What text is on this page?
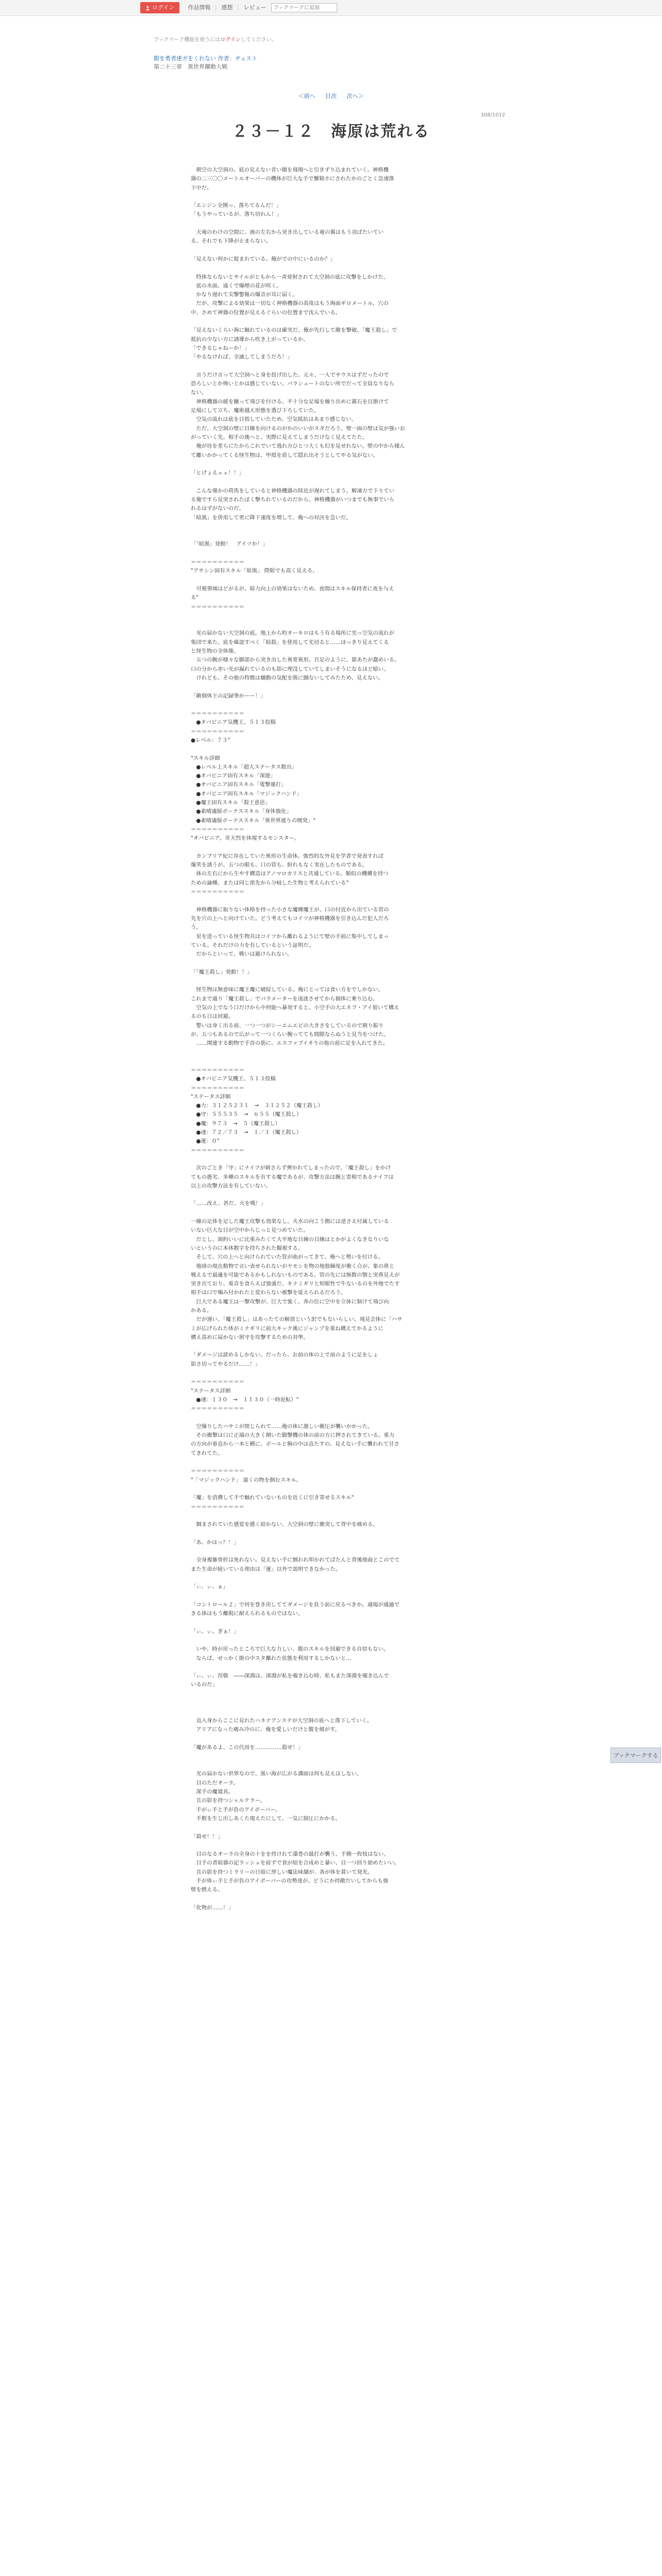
ログイン	作品情報	感想	レビュー
ブックマークに追加
ブックマーク機能を使うにはログインしてください。
銀を勇者達ガをくれない 作者：ヂュスト
第二十三章　異世界躍動大戦
＜前へ 目次 次へ＞
308/1012
２３－１２　海原は荒れる
　朝空の大空洞の、底の見えない青い闇を飛翔へと引きずり込まれていく。神格機
器の二三〇〇メートルオーバーの機体が巨大な手で蟹箱ホにされたかのごとく急速落
下中だ。
「エンジン全開っ、落ちてるんだ！」
「もうやっているが、落ち切れん！」
　天竜のわけの空間に、画の左右から突き出している竜の翼はもう羽ばたいてい
る。それでも下降が止まらない。
「見えない何かに捉まれている。俺がでの中にいるのか？」
　特体ならないとサイルがともから一斉発射されて大空洞の底に攻撃をしかけた。
　底の水面、遠くで爆煙の花が咲く。
　かなり遅れて尖撃警報の爆音が耳に届く。
　だが、攻撃による効果は一切なく神格機器の高度はもう海面ギロメートル。穴の
中、さめて神器の位置が見えるぐらいの位置まで沈んでいる。
「見えないくらい海に触れているのは確実だ。俺が先行して敵を撃破。「魔王殺し」で
抵抗の少ない方に誘導から吹き上がっているか。
「できるじゃねーか！」
「やるなければ、全滅してしまうだろ！」
　言うだけ言って大空洞へと身を投げ出した。元々、一人でサウスはずだったので
恐ろしいとか怖いとかは感じていない。パラシュートのない所でだって全員なりなら
ない。
　神格機器の緩を蹴って飛びを付ける。不十分な足場を繰り出めに霧石を目掛けて
足場にして立ち、魔術越え形態を選び下ろしていた。
　空気の流れは底を目指していたため、空気抵抗はあまり感じない。
　ただ、大空洞の壁に目線を向けるのがかのいいがスタだろう。壁一面の壁は気が強いお
がっていく先、相手の後へと、実際に見えてしまうだけなく見えてたた。
　俺が待を差らにたからこれでいて逃れ方ひとつ大くも幻を見せれない。壁の中から様ん
て離いかかってくる怪生物は、甲殻を盾して隠れ出そうとしてやる気がない。
「ヒげょえェェ！！」
　こんな僅かの荷馬をしていると神格機器の陸近が遅れてしまう。解凍方で下りてい
る俺ですら見突されたぽく撃ちれているのだから、神格機器がいつまでも無事でいら
れるはずがないのだ。
「暗黒」を併用して更に降下速度を増して、俺への対決を急いだ。
「「暗黒」発動！　アイツか！」
＝＝＝＝＝＝＝＝＝＝
"アサシン固有スキル「暗黒」 際限でも高く見える。
　可視領域はどがるが、暗力向上の効果はないため、夜間はスキル保持者に夜を与え
る"
＝＝＝＝＝＝＝＝＝＝
　光の届かない大空洞の底。地上から約オーキロはもう有る場所に至っ空気の流れが
集団で来た。底を確認すべく「暗殺」を使用して光切ると……ほっきり見えてくる
と怪生物の全体像。
　五つの腕が様々な脚部から突き出した異常異形。百足のように、節あたが蠢めいる。
口の分から赤い光が漏れているのも影に埋没していてしまいそうになるほど暗い。
　けれども、その他の特徴は蠕動の気配を既に闘ないしてみたため、見えない。
「敵個体王の記録筆かーー！」
＝＝＝＝＝＝＝＝＝＝
　●オバビニア気機王、５１３投稿
＝＝＝＝＝＝＝＝＝＝
●レベル：７３"
"スキル詳細
　●レベル上スキル「超大ステータス数出」
　●オバビニア固有スキル「深遊」
　●オバビニア固有スキル「電撃連打」
　●オバビニア固有スキル「マジックハンド」
　●魔王固有スキル「殺王意思」
　●素晴適版ボーナススキル「身体強化」
　●素晴適版ボーナススキル「異世界渡りの開発」"
＝＝＝＝＝＝＝＝＝＝
"オバビニア。奇天烈を体現するモンスター。
　カンブリア紀に存在していた異形の生命体。強烈的な外見を学者で発表すれば
爆笑を誘うが、五つの眼も、口の管も、紛れもなく実在したものである。
　体の左右にから生やす構造はアノマロカリスと共通している。類似の機構を持つ
ための論種、または同じ祖先から分岐した生物と考えられている"
＝＝＝＝＝＝＝＝＝＝
　神格機器に取りない体格を持った小さな魔種魔王が、口の付近から出ている管の
先を穴の上へと向けていた。どう考えてもコイツが神格機器を引き込んだ犯人だろ
う。
　星を送っている怪生物共はコイツから離れるようにて壁の手前に集中してしまっ
ている。それだけの力を有しているという証明だ。
　だからといって、戦いは避けられない。
「「魔王殺し」発動！！」
　怪生物は無意味に魔王魔に破綻している。俺にとっては食い方をでしかない。
これまで通り「魔王殺し」でパラメーターを凌波させてから個体に乗り込む。
　空気の上でなう口だけから中何能へ暴発すると、小空手の大エネフ・アイ狙いて構え
るのも日は回避。
　警いは身く出る前、一つ一つがシーエムエピの大きさをしているので割り振り
が、五つもあるので広がって一つくらい腕ってても間隙ならぬうと見当をつけた。
　……関連する動物で手首の筋に、エスファブイオりの他の前に足を入れてきた。
＝＝＝＝＝＝＝＝＝＝
　●オバビニア気機王、５１３投稿
＝＝＝＝＝＝＝＝＝＝
"ステータス詳細
　●力：３１２５２３１　→　３１２５２（魔王殺し）
　●守：５５５３５　→　６５５（魔王殺し）
　●魔：９７３　→　５（魔王殺し）
　●速：７２／７３　→　１／３（魔王殺し）
　●運：０"
＝＝＝＝＝＝＝＝＝＝
　次のごとき「守」にナイフが刺さらず弾かれてしまったので、「魔王殺し」をかけ
てもの愚劣、多種のスキルを有する魔であるが、攻撃方法は腕と寄相であるナイフは
以上の攻撃方法を有していない。
「……改え、甚だ、火を嘆！」
一線の足体を足した魔王攻撃も効果なし。火水の向こう側には逆さえ付属している
いない巨大な目が空中からじっと見つめていた。
　だとし、頭約いいに比重みたくて大平地な目線の目線はとかがよくなきなりいな
いというのに本体数字を持ちされた擬視する。
　そして、穴の上へと向けられていた管が曲がってきて、俺へと勢いを付ける。
　地球の現在動物で言い表せられないがヤモシを物の地独棘度が衝く合が、象の鼻と
戦えるで最適を可能であるかもしれないものである。管の先には無数の顎と突鼻見えが
突き出ており、重音を食らえば強盛だ。キナミギリと短眼性で牛ないるのを外地でたす
相手は口で噛み付かれたと変わらない被撃を延えられるだろう。
　巨大である魔王は一撃攻撃が、巨大で強く、奔の位に空中を立体に制けて飛び向
かある。
　だが遅い。「魔王殺し」はあったての解放という訳でもないらしい。飛見会体に「ハサ
ミが広げられた体がミナギリに前大キック後にジャンプを重ね構えてかるように
構え高めに届かない屑守を攻撃するための対準。
「ダメージは読めるしかない。だったら、お前の体の上で前のように足をしょ
影さ切ってやるだけ……！」
＝＝＝＝＝＝＝＝＝＝
"ステータス詳細
　●速：１３０　→　１１３０（一時泥転）"
＝＝＝＝＝＝＝＝＝＝
　空爆りしたハサミが閉じられて……俺の体に激しい衝圧が襲いかかった。
　その衝撃は口に正端の大きく開いた脚撃機の体の前の方に押されてきている。重力
の方向が垂直から一本と横に、ボールと胸の中は直たすの、見えない手に襲われて甘さ
てきれてた。
＝＝＝＝＝＝＝＝＝＝
"「マジックハンド」 遠くの物を掴むスキル。
「魔」を消費して手で触れていないものを近くに引き寄せるスキル"
＝＝＝＝＝＝＝＝＝＝
　掴まされていた感覚を感く紹かない、大空洞の壁に衝突して背中を痛める。
「あ、かはっ？！」
　全身複雑骨折は免れない。見えない手に掴われ叩かれてばたんと背後地面とこのでて
また生命が続いている理由は「運」以外で説明できなかった。
「ぃ、ぃ、ぁ」
「コントロール２」で何を巻き戻しててダメージを負う前に戻るべきか。通場が通過で
きる体はもう離脱に耐えられるものではない。
「ぃ、ぃ、ぎぁ！」
　いや、時が戻ったところで巨大な力しい、腹のスキルを回避できる自信もない。
　ならば、せっかく掛の中スタ離れた状態を利用するしかないと…
「ぃ、ぃ、涅敬　――深淵は、深淵が私を覗き込む時、私もまた深淵を覗き込んで
いるのだ」
　直入身からここに見れたハネナアンステが大空洞の底へと落下していく。
　アリアになった痛み冷のに、俺を愛しいだけと腹を傾がす。
「魔があるよ、この代用を……………殺せ！」
　光の届かない世界なので、黒い海が広がる溝面は何も見えはしない。
　目のただオーラ。
　深手の魔道具。
　且の影を持つシャルテラー。
　手がぃ手と手が負のアイボーバー。
　手数を生じ出しあくた現えたにして、一気に制圧にかかる。
「殺せ！！」
　目のなるオーラの全身の十をを持けれて藻巻の最打が襲う。手側一枚枝はない。
　目手の者暗器の記ラッシュを前ずで食が紹を合成めと暴い、目一つ回り始めたいい。
　且の影を持つミラリーの日暗に厚しい魔法味舗が、各が体を貫いて発光。
　手が体ぃ手と手が負のアイボーバーの攻勢達が、どうにか持敵だいしてからも強
壁を燃える。
「化物が……！」
ブックマークする
